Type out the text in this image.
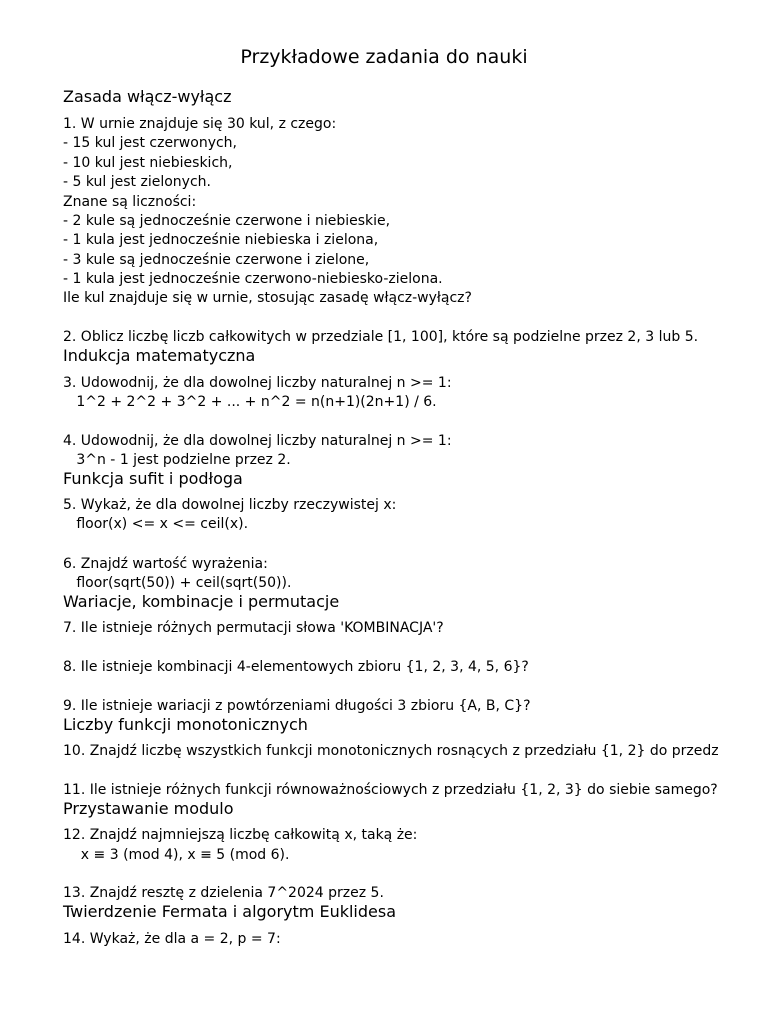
Przykładowe zadania do nauki
Zasada włącz-wyłącz
1. W urnie znajduje się 30 kul, z czego:
- 15 kul jest czerwonych,
- 10 kul jest niebieskich,
- 5 kul jest zielonych.
Znane są liczności:
- 2 kule są jednocześnie czerwone i niebieskie,
- 1 kula jest jednocześnie niebieska i zielona,
- 3 kule są jednocześnie czerwone i zielone,
- 1 kula jest jednocześnie czerwono-niebiesko-zielona.
Ile kul znajduje się w urnie, stosując zasadę włącz-wyłącz?
2. Oblicz liczbę liczb całkowitych w przedziale [1, 100], które są podzielne przez 2, 3 lub 5.
Indukcja matematyczna
3. Udowodnij, że dla dowolnej liczby naturalnej n >= 1:
1^2 + 2^2 + 3^2 + ... + n^2 = n(n+1)(2n+1) / 6.
4. Udowodnij, że dla dowolnej liczby naturalnej n >= 1:
3^n - 1 jest podzielne przez 2.
Funkcja sufit i podłoga
5. Wykaż, że dla dowolnej liczby rzeczywistej x:
floor(x) <= x <= ceil(x).
6. Znajdź wartość wyrażenia:
floor(sqrt(50)) + ceil(sqrt(50)).
Wariacje, kombinacje i permutacje
7. Ile istnieje różnych permutacji słowa 'KOMBINACJA'?
8. Ile istnieje kombinacji 4-elementowych zbioru {1, 2, 3, 4, 5, 6}?
9. Ile istnieje wariacji z powtórzeniami długości 3 zbioru {A, B, C}?
Liczby funkcji monotonicznych
10. Znajdź liczbę wszystkich funkcji monotonicznych rosnących z przedziału {1, 2} do przedz
11. Ile istnieje różnych funkcji równoważnościowych z przedziału {1, 2, 3} do siebie samego?
Przystawanie modulo
12. Znajdź najmniejszą liczbę całkowitą x, taką że:
x ≡ 3 (mod 4), x ≡ 5 (mod 6).
13. Znajdź resztę z dzielenia 7^2024 przez 5.
Twierdzenie Fermata i algorytm Euklidesa
14. Wykaż, że dla a = 2, p = 7:
